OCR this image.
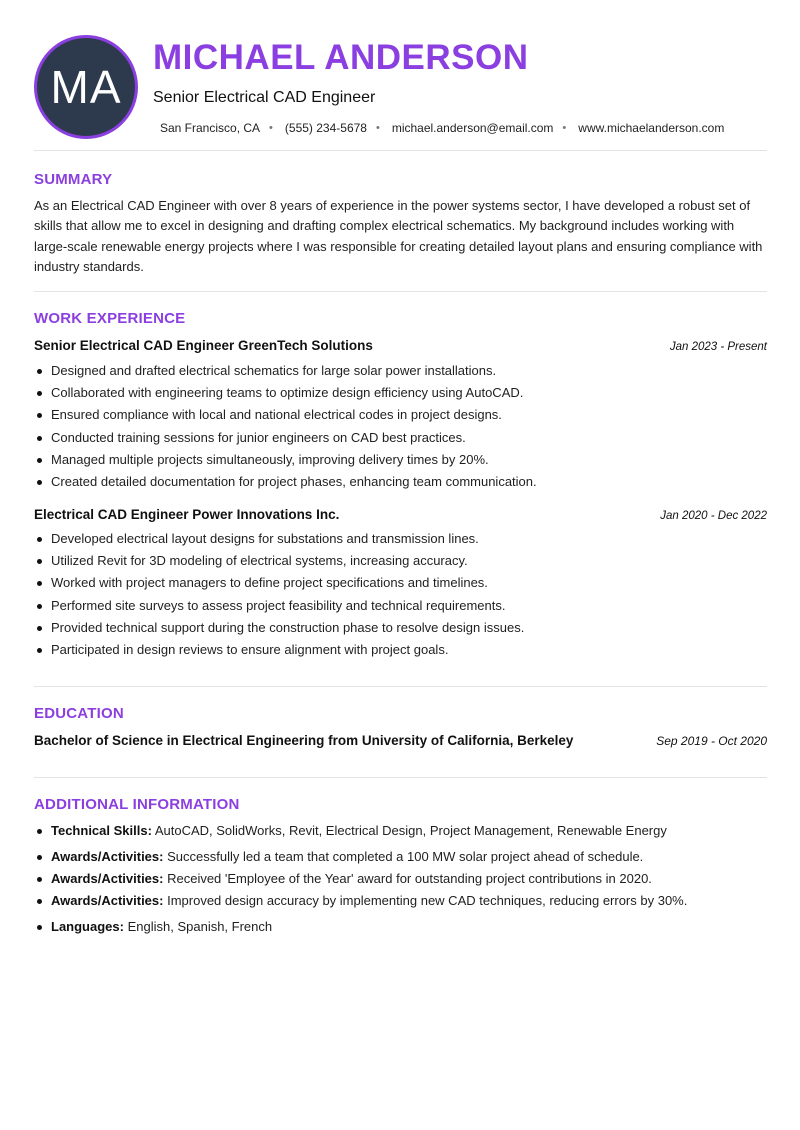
MA
MICHAEL ANDERSON
Senior Electrical CAD Engineer
San Francisco, CA • (555) 234-5678 • michael.anderson@email.com • www.michaelanderson.com
SUMMARY

As an Electrical CAD Engineer with over 8 years of experience in the power systems sector, I have developed a robust set of skills that allow me to excel in designing and drafting complex electrical schematics. My background includes working with large-scale renewable energy projects where I was responsible for creating detailed layout plans and ensuring compliance with industry standards.

WORK EXPERIENCE
Senior Electrical CAD Engineer GreenTech Solutions	Jan 2023 - Present
Designed and drafted electrical schematics for large solar power installations.
Collaborated with engineering teams to optimize design efficiency using AutoCAD.
Ensured compliance with local and national electrical codes in project designs.
Conducted training sessions for junior engineers on CAD best practices.
Managed multiple projects simultaneously, improving delivery times by 20%.
Created detailed documentation for project phases, enhancing team communication.
Electrical CAD Engineer Power Innovations Inc.	Jan 2020 - Dec 2022
Developed electrical layout designs for substations and transmission lines.
Utilized Revit for 3D modeling of electrical systems, increasing accuracy.
Worked with project managers to define project specifications and timelines.
Performed site surveys to assess project feasibility and technical requirements.
Provided technical support during the construction phase to resolve design issues.
Participated in design reviews to ensure alignment with project goals.
EDUCATION
Bachelor of Science in Electrical Engineering from University of California, Berkeley	Sep 2019 - Oct 2020
ADDITIONAL INFORMATION
Technical Skills: AutoCAD, SolidWorks, Revit, Electrical Design, Project Management, Renewable Energy
Awards/Activities: Successfully led a team that completed a 100 MW solar project ahead of schedule.
Awards/Activities: Received 'Employee of the Year' award for outstanding project contributions in 2020.
Awards/Activities: Improved design accuracy by implementing new CAD techniques, reducing errors by 30%.
Languages: English, Spanish, French
